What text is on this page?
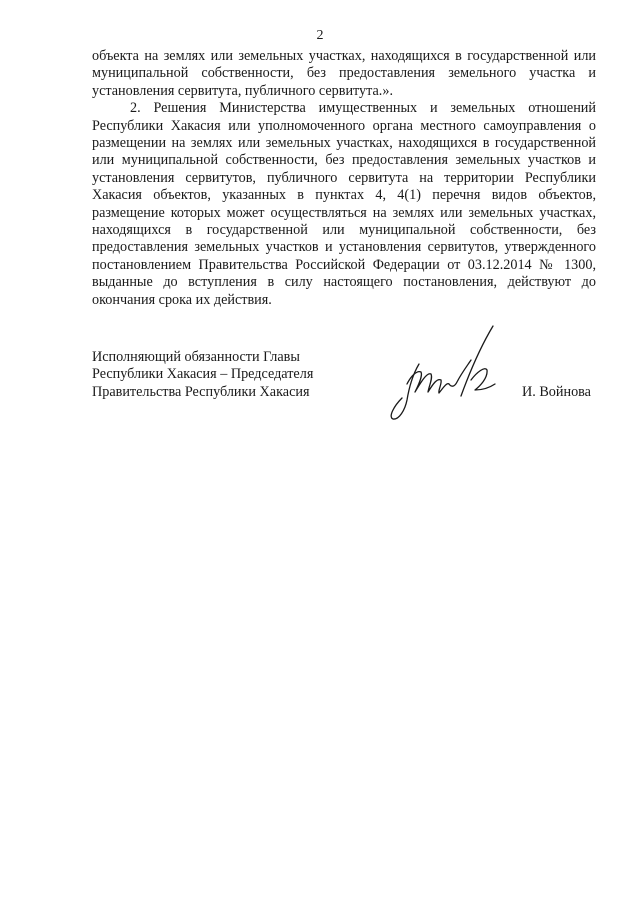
2

объекта на землях или земельных участках, находящихся в государственной или муниципальной собственности, без предоставления земельного участка и установления сервитута, публичного сервитута.».

2. Решения Министерства имущественных и земельных отношений Республики Хакасия или уполномоченного органа местного самоуправления о размещении на землях или земельных участках, находящихся в государственной или муниципальной собственности, без предоставления земельных участков и установления сервитутов, публичного сервитута на территории Республики Хакасия объектов, указанных в пунктах 4, 4(1) перечня видов объектов, размещение которых может осуществляться на землях или земельных участках, находящихся в государственной или муниципальной собственности, без предоставления земельных участков и установления сервитутов, утвержденного постановлением Правительства Российской Федерации от 03.12.2014 № 1300, выданные до вступления в силу настоящего постановления, действуют до окончания срока их действия.

Исполняющий обязанности Главы
Республики Хакасия – Председателя
Правительства Республики Хакасия	И. Войнова
